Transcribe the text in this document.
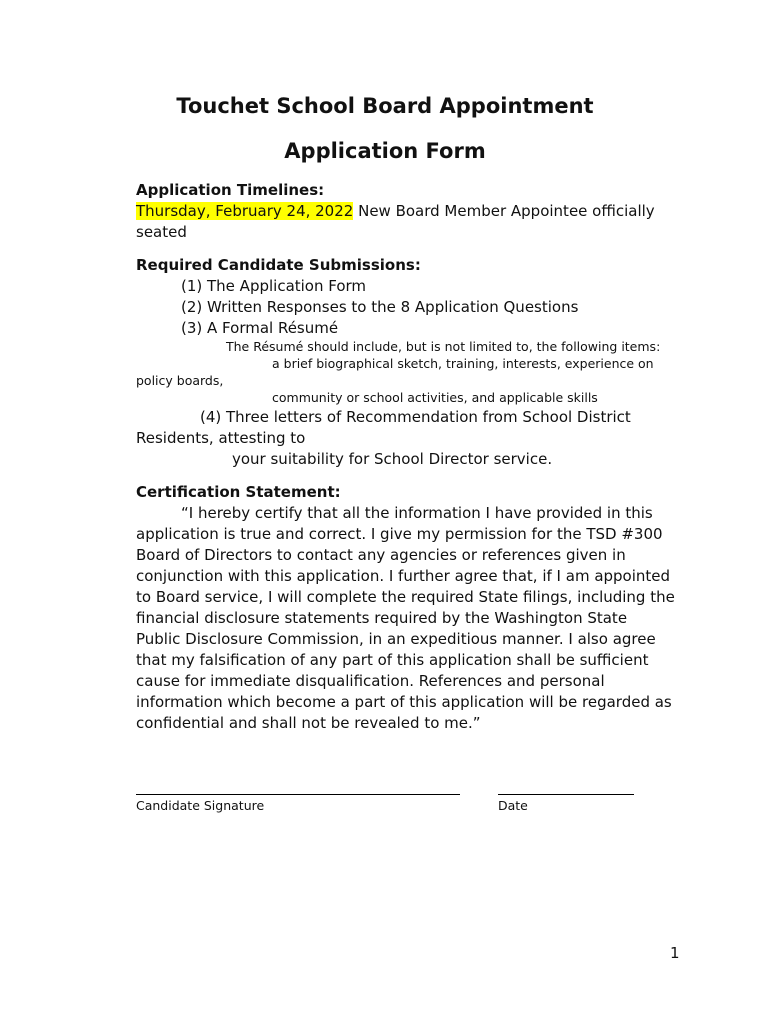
Touchet School Board Appointment
Application Form
Application Timelines:
Thursday, February 24, 2022 New Board Member Appointee officially
seated
Required Candidate Submissions:
(1) The Application Form
(2) Written Responses to the 8 Application Questions
(3) A Formal Résumé
The Résumé should include, but is not limited to, the following items:
a brief biographical sketch, training, interests, experience on
policy boards,
community or school activities, and applicable skills
(4) Three letters of Recommendation from School District
Residents, attesting to
your suitability for School Director service.
Certification Statement:
“I hereby certify that all the information I have provided in this
application is true and correct. I give my permission for the TSD #300
Board of Directors to contact any agencies or references given in
conjunction with this application. I further agree that, if I am appointed
to Board service, I will complete the required State filings, including the
financial disclosure statements required by the Washington State
Public Disclosure Commission, in an expeditious manner. I also agree
that my falsification of any part of this application shall be sufficient
cause for immediate disqualification. References and personal
information which become a part of this application will be regarded as
confidential and shall not be revealed to me.”
Candidate Signature	Date
1
